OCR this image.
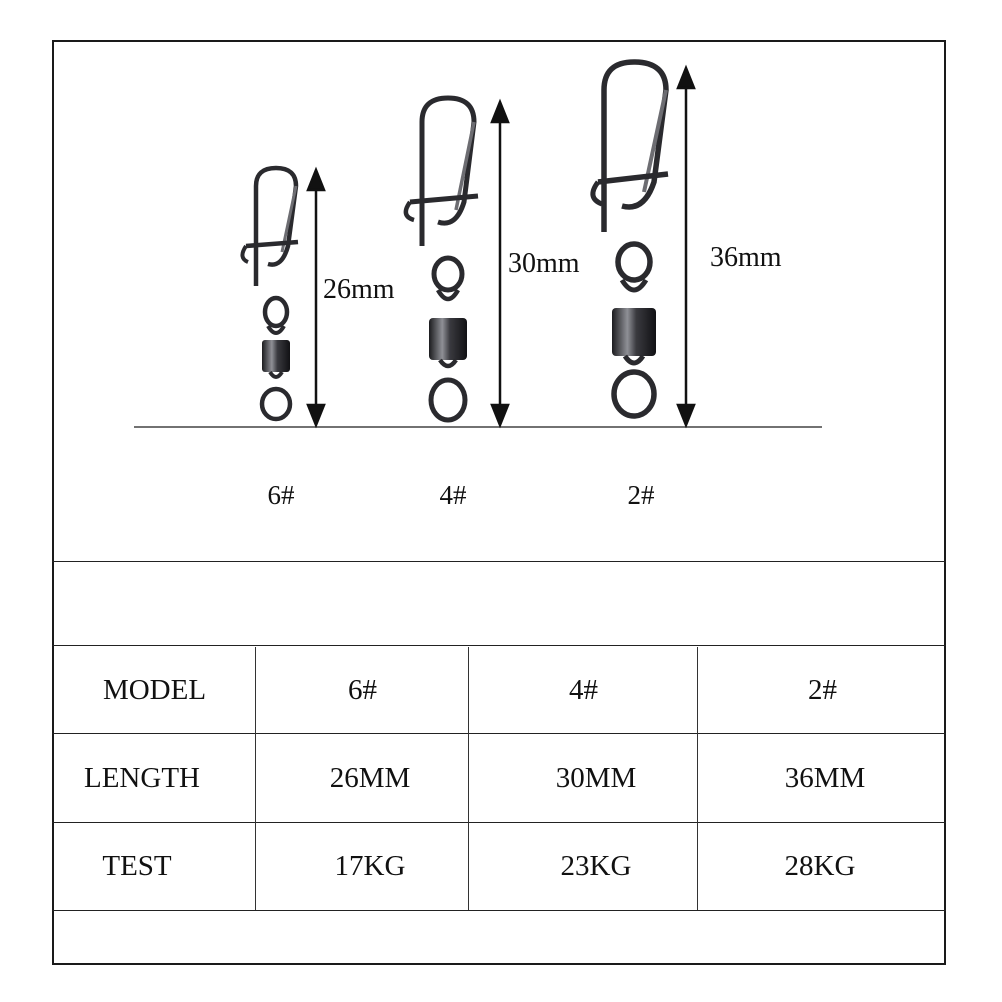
26mm
30mm	36mm
6#	4#	2#
MODEL	6#	4#	2#
LENGTH	26MM	30MM	36MM
TEST	17KG	23KG	28KG
